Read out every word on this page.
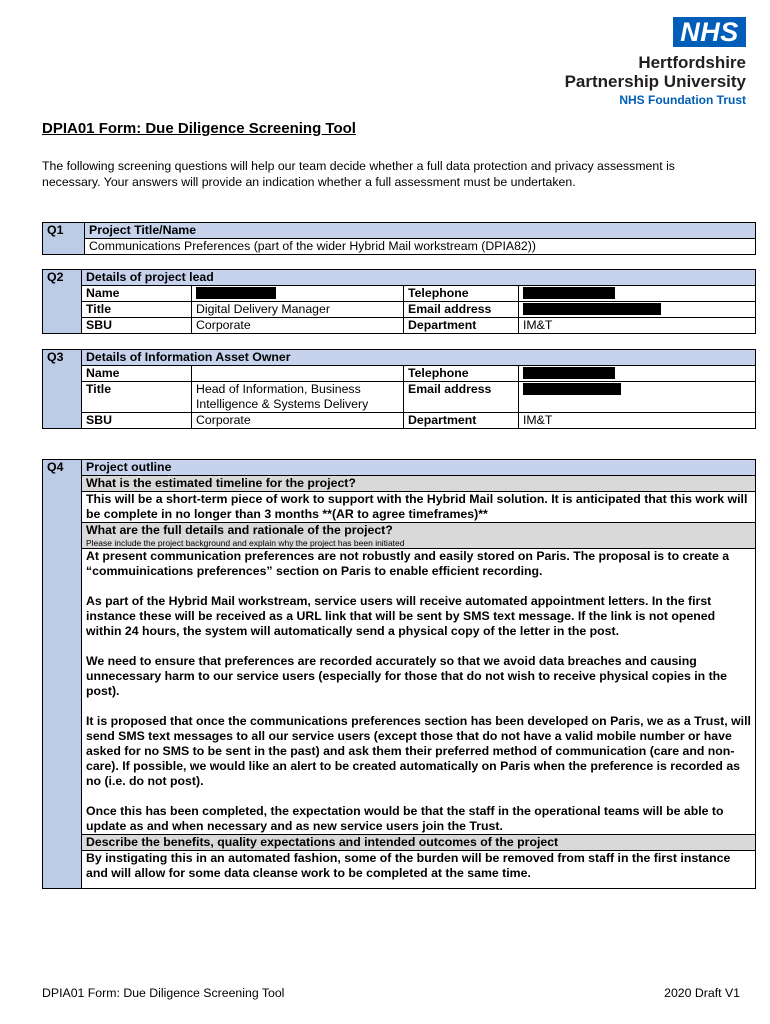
NHS
Hertfordshire
Partnership University
NHS Foundation Trust
DPIA01 Form: Due Diligence Screening Tool
The following screening questions will help our team decide whether a full data protection and privacy assessment is necessary. Your answers will provide an indication whether a full assessment must be undertaken.
Q1	Project Title/Name
Communications Preferences (part of the wider Hybrid Mail workstream (DPIA82))
Q2	Details of project lead			
	Name		Telephone	
	Title	Digital Delivery Manager	Email address	
	SBU	Corporate	Department	IM&T
Q3	Details of Information Asset Owner			
	Name		Telephone	
	Title	Head of Information, Business Intelligence & Systems Delivery	Email address	
	SBU	Corporate	Department	IM&T
Q4	Project outline
What is the estimated timeline for the project?
This will be a short-term piece of work to support with the Hybrid Mail solution. It is anticipated that this work will be complete in no longer than 3 months **(AR to agree timeframes)**
What are the full details and rationale of the project?
Please include the project background and explain why the project has been initiated

At present communication preferences are not robustly and easily stored on Paris. The proposal is to create a “commuinications preferences” section on Paris to enable efficient recording.

As part of the Hybrid Mail workstream, service users will receive automated appointment letters. In the first instance these will be received as a URL link that will be sent by SMS text message. If the link is not opened within 24 hours, the system will automatically send a physical copy of the letter in the post.

We need to ensure that preferences are recorded accurately so that we avoid data breaches and causing unnecessary harm to our service users (especially for those that do not wish to receive physical copies in the post).

It is proposed that once the communications preferences section has been developed on Paris, we as a Trust, will send SMS text messages to all our service users (except those that do not have a valid mobile number or have asked for no SMS to be sent in the past) and ask them their preferred method of communication (care and non-care). If possible, we would like an alert to be created automatically on Paris when the preference is recorded as no (i.e. do not post).

Once this has been completed, the expectation would be that the staff in the operational teams will be able to update as and when necessary and as new service users join the Trust.

Describe the benefits, quality expectations and intended outcomes of the project
By instigating this in an automated fashion, some of the burden will be removed from staff in the first instance and will allow for some data cleanse work to be completed at the same time.
DPIA01 Form: Due Diligence Screening Tool	2020 Draft V1
